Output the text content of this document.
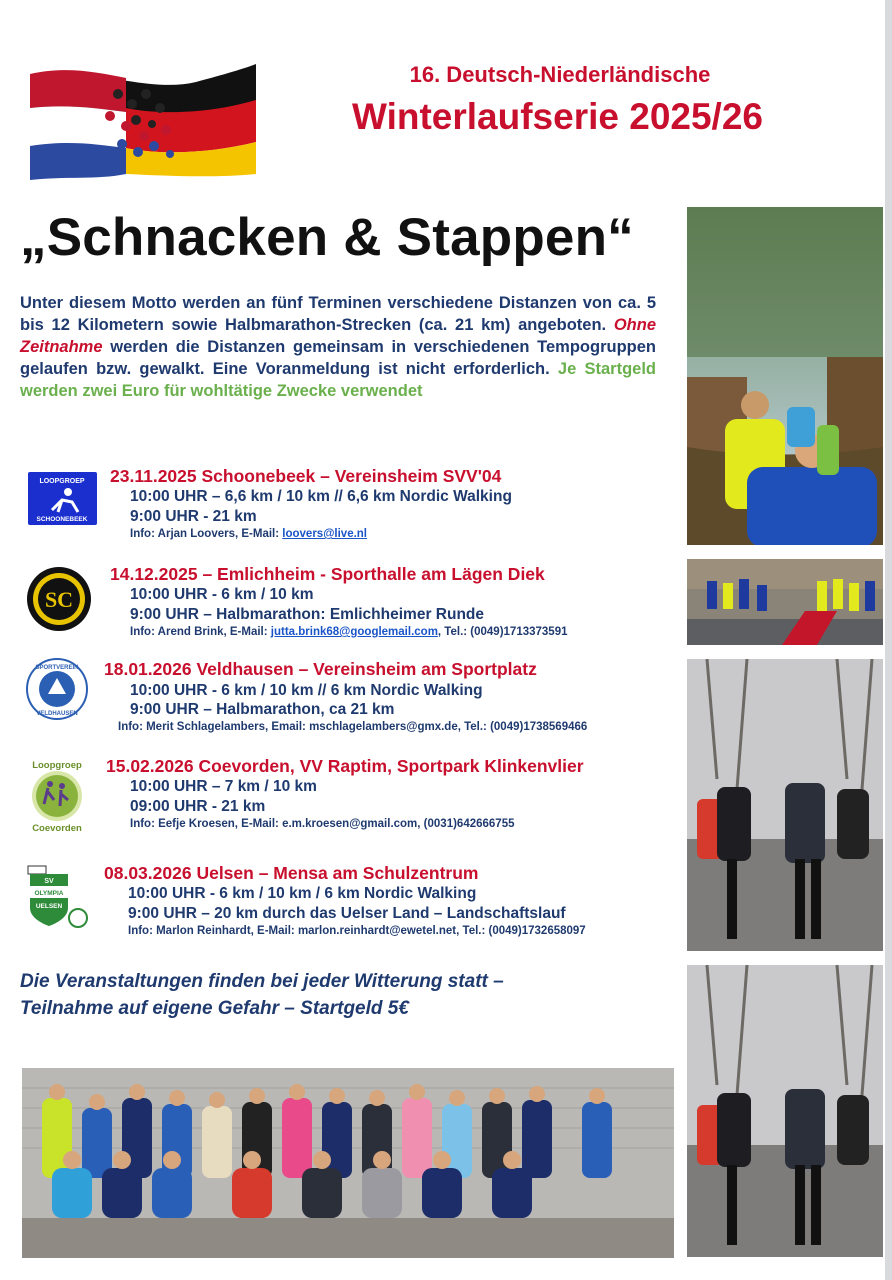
16. Deutsch-Niederländische
Winterlaufserie 2025/26
„Schnacken & Stappen“
Unter diesem Motto werden an fünf Terminen verschiedene Distanzen von ca. 5 bis 12 Kilometern sowie Halbmarathon-Strecken (ca. 21 km) angeboten. Ohne Zeitnahme werden die Distanzen gemeinsam in verschiedenen Tempogruppen gelaufen bzw. gewalkt. Eine Voranmeldung ist nicht erforderlich. Je Startgeld werden zwei Euro für wohltätige Zwecke verwendet
LOOPGROEP
SCHOONEBEEK
23.11.2025 Schoonebeek – Vereinsheim SVV'04
10:00 UHR – 6,6 km / 10 km // 6,6 km Nordic Walking
9:00 UHR - 21 km
Info: Arjan Loovers, E-Mail: loovers@live.nl
SC
14.12.2025 – Emlichheim - Sporthalle am Lägen Diek
10:00 UHR - 6 km / 10 km
9:00 UHR – Halbmarathon: Emlichheimer Runde
Info: Arend Brink, E-Mail: jutta.brink68@googlemail.com, Tel.: (0049)1713373591
SPORTVEREIN
VELDHAUSEN
18.01.2026 Veldhausen – Vereinsheim am Sportplatz
10:00 UHR - 6 km / 10 km // 6 km Nordic Walking
9:00 UHR – Halbmarathon, ca 21 km
Info: Merit Schlagelambers, Email: mschlagelambers@gmx.de, Tel.: (0049)1738569466
Loopgroep
Coevorden
15.02.2026 Coevorden, VV Raptim, Sportpark Klinkenvlier
10:00 UHR – 7 km / 10 km
09:00 UHR - 21 km
Info: Eefje Kroesen, E-Mail: e.m.kroesen@gmail.com, (0031)642666755
SV
OLYMPIA
UELSEN
08.03.2026 Uelsen – Mensa am Schulzentrum
10:00 UHR - 6 km / 10 km / 6 km Nordic Walking
9:00 UHR – 20 km durch das Uelser Land – Landschaftslauf
Info: Marlon Reinhardt, E-Mail: marlon.reinhardt@ewetel.net, Tel.: (0049)1732658097
Die Veranstaltungen finden bei jeder Witterung statt –
Teilnahme auf eigene Gefahr – Startgeld 5€
